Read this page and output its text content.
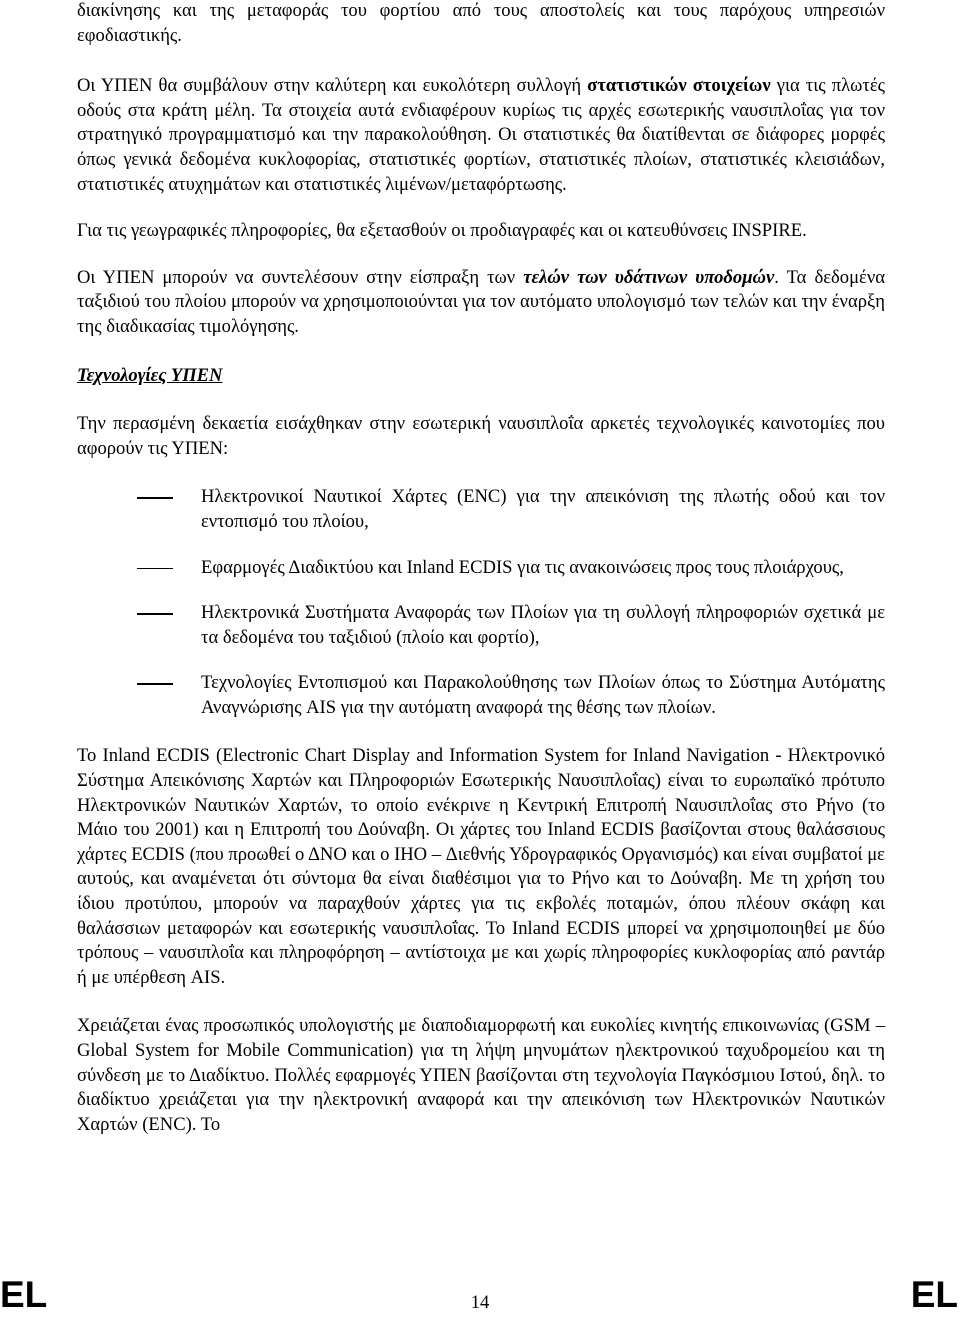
διακίνησης και της μεταφοράς του φορτίου από τους αποστολείς και τους παρόχους υπηρεσιών εφοδιαστικής.

Οι ΥΠΕΝ θα συμβάλουν στην καλύτερη και ευκολότερη συλλογή στατιστικών στοιχείων για τις πλωτές οδούς στα κράτη μέλη. Τα στοιχεία αυτά ενδιαφέρουν κυρίως τις αρχές εσωτερικής ναυσιπλοΐας για τον στρατηγικό προγραμματισμό και την παρακολούθηση. Οι στατιστικές θα διατίθενται σε διάφορες μορφές όπως γενικά δεδομένα κυκλοφορίας, στατιστικές φορτίων, στατιστικές πλοίων, στατιστικές κλεισιάδων, στατιστικές ατυχημάτων και στατιστικές λιμένων/μεταφόρτωσης.

Για τις γεωγραφικές πληροφορίες, θα εξετασθούν οι προδιαγραφές και οι κατευθύνσεις INSPIRE.

Οι ΥΠΕΝ μπορούν να συντελέσουν στην είσπραξη των τελών των υδάτινων υποδομών. Τα δεδομένα ταξιδιού του πλοίου μπορούν να χρησιμοποιούνται για τον αυτόματο υπολογισμό των τελών και την έναρξη της διαδικασίας τιμολόγησης.

Τεχνολογίες ΥΠΕΝ

Την περασμένη δεκαετία εισάχθηκαν στην εσωτερική ναυσιπλοΐα αρκετές τεχνολογικές καινοτομίες που αφορούν τις ΥΠΕΝ:

Ηλεκτρονικοί Ναυτικοί Χάρτες (ENC) για την απεικόνιση της πλωτής οδού και τον εντοπισμό του πλοίου,
Εφαρμογές Διαδικτύου και Inland ECDIS για τις ανακοινώσεις προς τους πλοιάρχους,
Ηλεκτρονικά Συστήματα Αναφοράς των Πλοίων για τη συλλογή πληροφοριών σχετικά με τα δεδομένα του ταξιδιού (πλοίο και φορτίο),
Τεχνολογίες Εντοπισμού και Παρακολούθησης των Πλοίων όπως το Σύστημα Αυτόματης Αναγνώρισης AIS για την αυτόματη αναφορά της θέσης των πλοίων.

To Inland ECDIS (Electronic Chart Display and Information System for Inland Navigation - Ηλεκτρονικό Σύστημα Απεικόνισης Χαρτών και Πληροφοριών Εσωτερικής Ναυσιπλοΐας) είναι το ευρωπαϊκό πρότυπο Ηλεκτρονικών Ναυτικών Χαρτών, το οποίο ενέκρινε η Κεντρική Επιτροπή Ναυσιπλοΐας στο Ρήνο (το Μάιο του 2001) και η Επιτροπή του Δούναβη. Οι χάρτες του Inland ECDIS βασίζονται στους θαλάσσιους χάρτες ECDIS (που προωθεί ο ΔΝΟ και ο IHO – Διεθνής Υδρογραφικός Οργανισμός) και είναι συμβατοί με αυτούς, και αναμένεται ότι σύντομα θα είναι διαθέσιμοι για το Ρήνο και το Δούναβη. Με τη χρήση του ίδιου προτύπου, μπορούν να παραχθούν χάρτες για τις εκβολές ποταμών, όπου πλέουν σκάφη και θαλάσσιων μεταφορών και εσωτερικής ναυσιπλοΐας. Το Inland ECDIS μπορεί να χρησιμοποιηθεί με δύο τρόπους – ναυσιπλοΐα και πληροφόρηση – αντίστοιχα με και χωρίς πληροφορίες κυκλοφορίας από ραντάρ ή με υπέρθεση AIS.

Χρειάζεται ένας προσωπικός υπολογιστής με διαποδιαμορφωτή και ευκολίες κινητής επικοινωνίας (GSM – Global System for Mobile Communication) για τη λήψη μηνυμάτων ηλεκτρονικού ταχυδρομείου και τη σύνδεση με το Διαδίκτυο. Πολλές εφαρμογές ΥΠΕΝ βασίζονται στη τεχνολογία Παγκόσμιου Ιστού, δηλ. το διαδίκτυο χρειάζεται για την ηλεκτρονική αναφορά και την απεικόνιση των Ηλεκτρονικών Ναυτικών Χαρτών (ENC). Το

EL	14	EL
